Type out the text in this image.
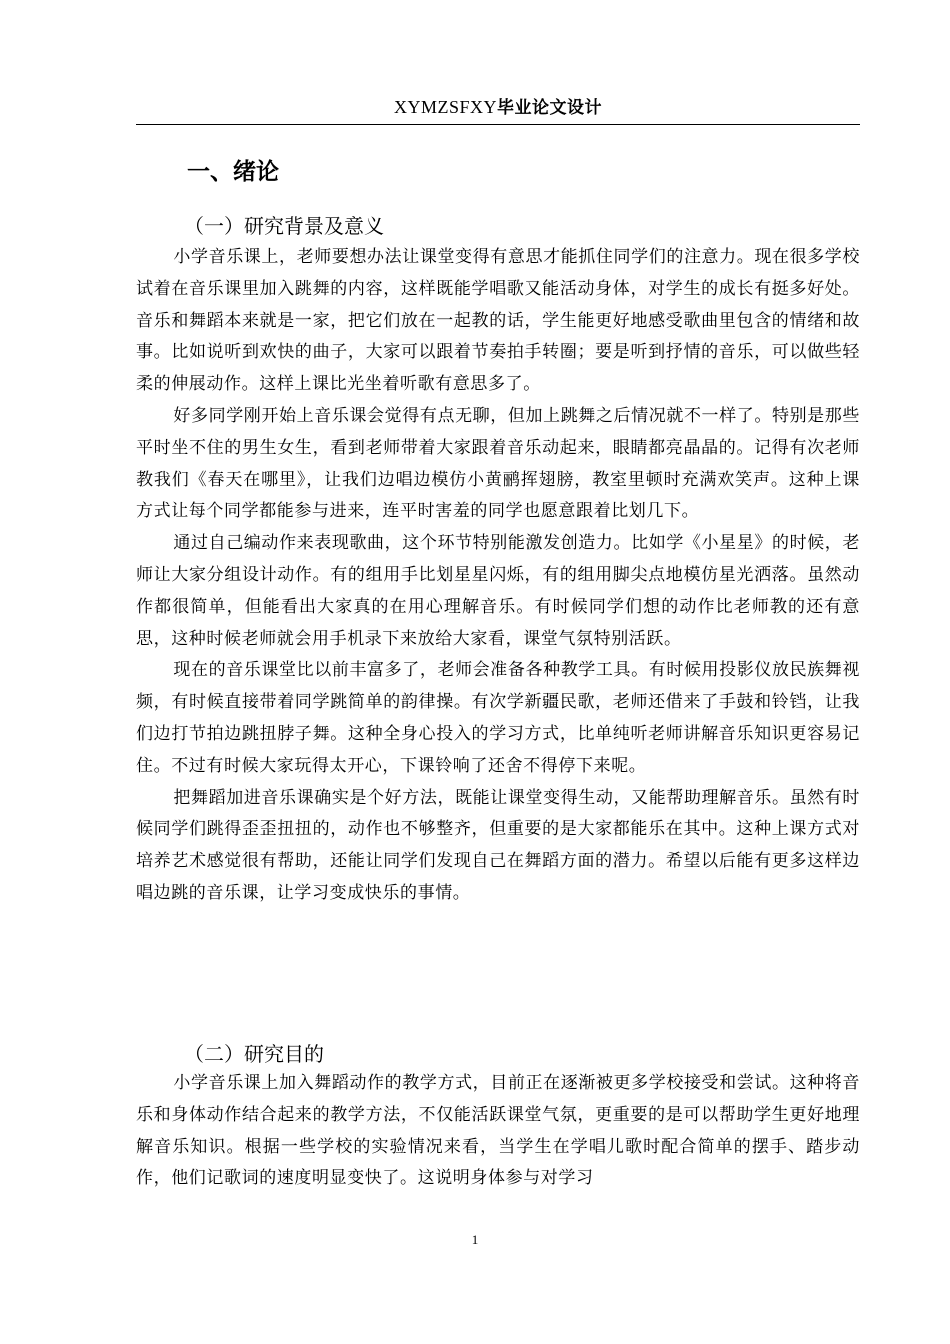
XYMZSFXY毕业论文设计
一、绪论
（一）研究背景及意义

小学音乐课上，老师要想办法让课堂变得有意思才能抓住同学们的注意力。现在很多学校试着在音乐课里加入跳舞的内容，这样既能学唱歌又能活动身体，对学生的成长有挺多好处。音乐和舞蹈本来就是一家，把它们放在一起教的话，学生能更好地感受歌曲里包含的情绪和故事。比如说听到欢快的曲子，大家可以跟着节奏拍手转圈；要是听到抒情的音乐，可以做些轻柔的伸展动作。这样上课比光坐着听歌有意思多了。

好多同学刚开始上音乐课会觉得有点无聊，但加上跳舞之后情况就不一样了。特别是那些平时坐不住的男生女生，看到老师带着大家跟着音乐动起来，眼睛都亮晶晶的。记得有次老师教我们《春天在哪里》，让我们边唱边模仿小黄鹂挥翅膀，教室里顿时充满欢笑声。这种上课方式让每个同学都能参与进来，连平时害羞的同学也愿意跟着比划几下。

通过自己编动作来表现歌曲，这个环节特别能激发创造力。比如学《小星星》的时候，老师让大家分组设计动作。有的组用手比划星星闪烁，有的组用脚尖点地模仿星光洒落。虽然动作都很简单，但能看出大家真的在用心理解音乐。有时候同学们想的动作比老师教的还有意思，这种时候老师就会用手机录下来放给大家看，课堂气氛特别活跃。

现在的音乐课堂比以前丰富多了，老师会准备各种教学工具。有时候用投影仪放民族舞视频，有时候直接带着同学跳简单的韵律操。有次学新疆民歌，老师还借来了手鼓和铃铛，让我们边打节拍边跳扭脖子舞。这种全身心投入的学习方式，比单纯听老师讲解音乐知识更容易记住。不过有时候大家玩得太开心，下课铃响了还舍不得停下来呢。

把舞蹈加进音乐课确实是个好方法，既能让课堂变得生动，又能帮助理解音乐。虽然有时候同学们跳得歪歪扭扭的，动作也不够整齐，但重要的是大家都能乐在其中。这种上课方式对培养艺术感觉很有帮助，还能让同学们发现自己在舞蹈方面的潜力。希望以后能有更多这样边唱边跳的音乐课，让学习变成快乐的事情。

（二）研究目的

小学音乐课上加入舞蹈动作的教学方式，目前正在逐渐被更多学校接受和尝试。这种将音乐和身体动作结合起来的教学方法，不仅能活跃课堂气氛，更重要的是可以帮助学生更好地理解音乐知识。根据一些学校的实验情况来看，当学生在学唱儿歌时配合简单的摆手、踏步动作，他们记歌词的速度明显变快了。这说明身体参与对学习

1
